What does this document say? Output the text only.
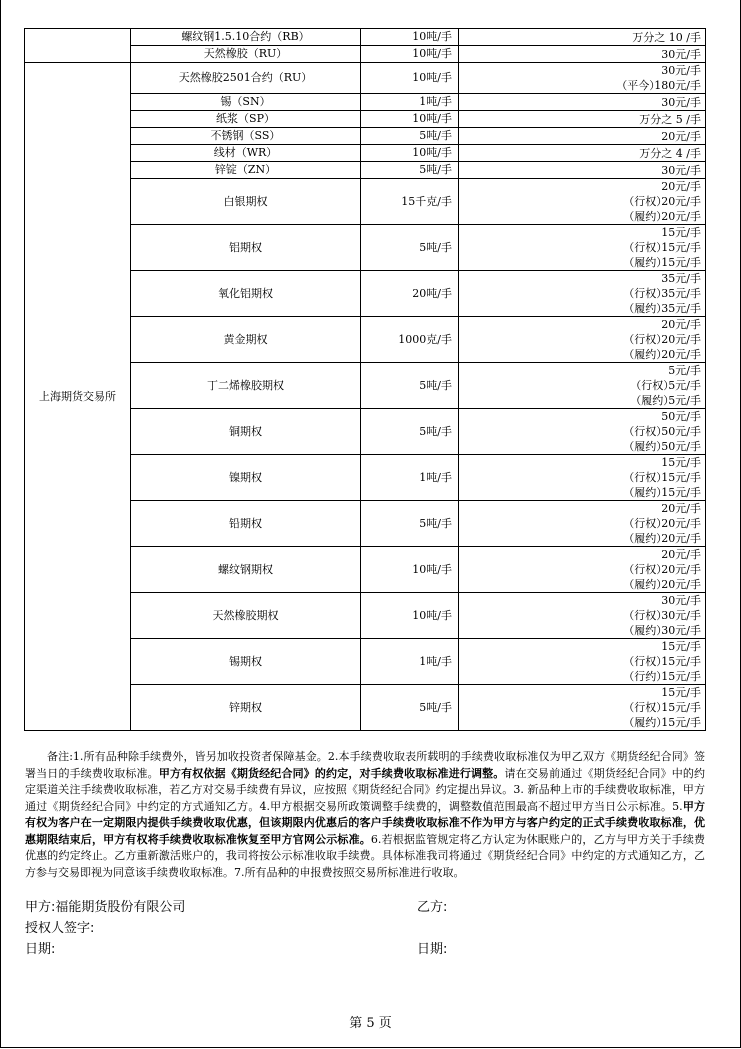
	螺纹钢1.5.10合约（RB）	10吨/手	万分之 10 /手

	天然橡胶（RU）	10吨/手	30元/手

上海期货交易所	天然橡胶2501合约（RU）	10吨/手	30元/手
（平今）180元/手

	锡（SN）	1吨/手	30元/手

	纸浆（SP）	10吨/手	万分之 5 /手

	不锈钢（SS）	5吨/手	20元/手

	线材（WR）	10吨/手	万分之 4 /手

	锌锭（ZN）	5吨/手	30元/手

	白银期权	15千克/手	20元/手
（行权）20元/手
（履约）20元/手

	铝期权	5吨/手	15元/手
（行权）15元/手
（履约）15元/手

	氧化铝期权	20吨/手	35元/手
（行权）35元/手
（履约）35元/手

	黄金期权	1000克/手	20元/手
（行权）20元/手
（履约）20元/手

	丁二烯橡胶期权	5吨/手	5元/手
（行权）5元/手
（履约）5元/手

	铜期权	5吨/手	50元/手
（行权）50元/手
（履约）50元/手

	镍期权	1吨/手	15元/手
（行权）15元/手
（履约）15元/手

	铅期权	5吨/手	20元/手
（行权）20元/手
（履约）20元/手

	螺纹钢期权	10吨/手	20元/手
（行权）20元/手
（履约）20元/手

	天然橡胶期权	10吨/手	30元/手
（行权）30元/手
（履约）30元/手

	锡期权	1吨/手	15元/手
（行权）15元/手
（行约）15元/手

	锌期权	5吨/手	15元/手
（行权）15元/手
（履约）15元/手
备注:1.所有品种除手续费外，皆另加收投资者保障基金。2.本手续费收取表所载明的手续费收取标准仅为甲乙双方《期货经纪合同》签署当日的手续费收取标准。甲方有权依据《期货经纪合同》的约定，对手续费收取标准进行调整。请在交易前通过《期货经纪合同》中的约定渠道关注手续费收取标准，若乙方对交易手续费有异议，应按照《期货经纪合同》约定提出异议。3. 新品种上市的手续费收取标准，甲方通过《期货经纪合同》中约定的方式通知乙方。4.甲方根据交易所政策调整手续费的，调整数值范围最高不超过甲方当日公示标准。5.甲方有权为客户在一定期限内提供手续费收取优惠，但该期限内优惠后的客户手续费收取标准不作为甲方与客户约定的正式手续费收取标准，优惠期限结束后，甲方有权将手续费收取标准恢复至甲方官网公示标准。6.若根据监管规定将乙方认定为休眠账户的，乙方与甲方关于手续费优惠的约定终止。乙方重新激活账户的，我司将按公示标准收取手续费。具体标准我司将通过《期货经纪合同》中约定的方式通知乙方，乙方参与交易即视为同意该手续费收取标准。7.所有品种的申报费按照交易所标准进行收取。
甲方:福能期货股份有限公司	乙方:
授权人签字:
日期:	日期:
第 5 页
